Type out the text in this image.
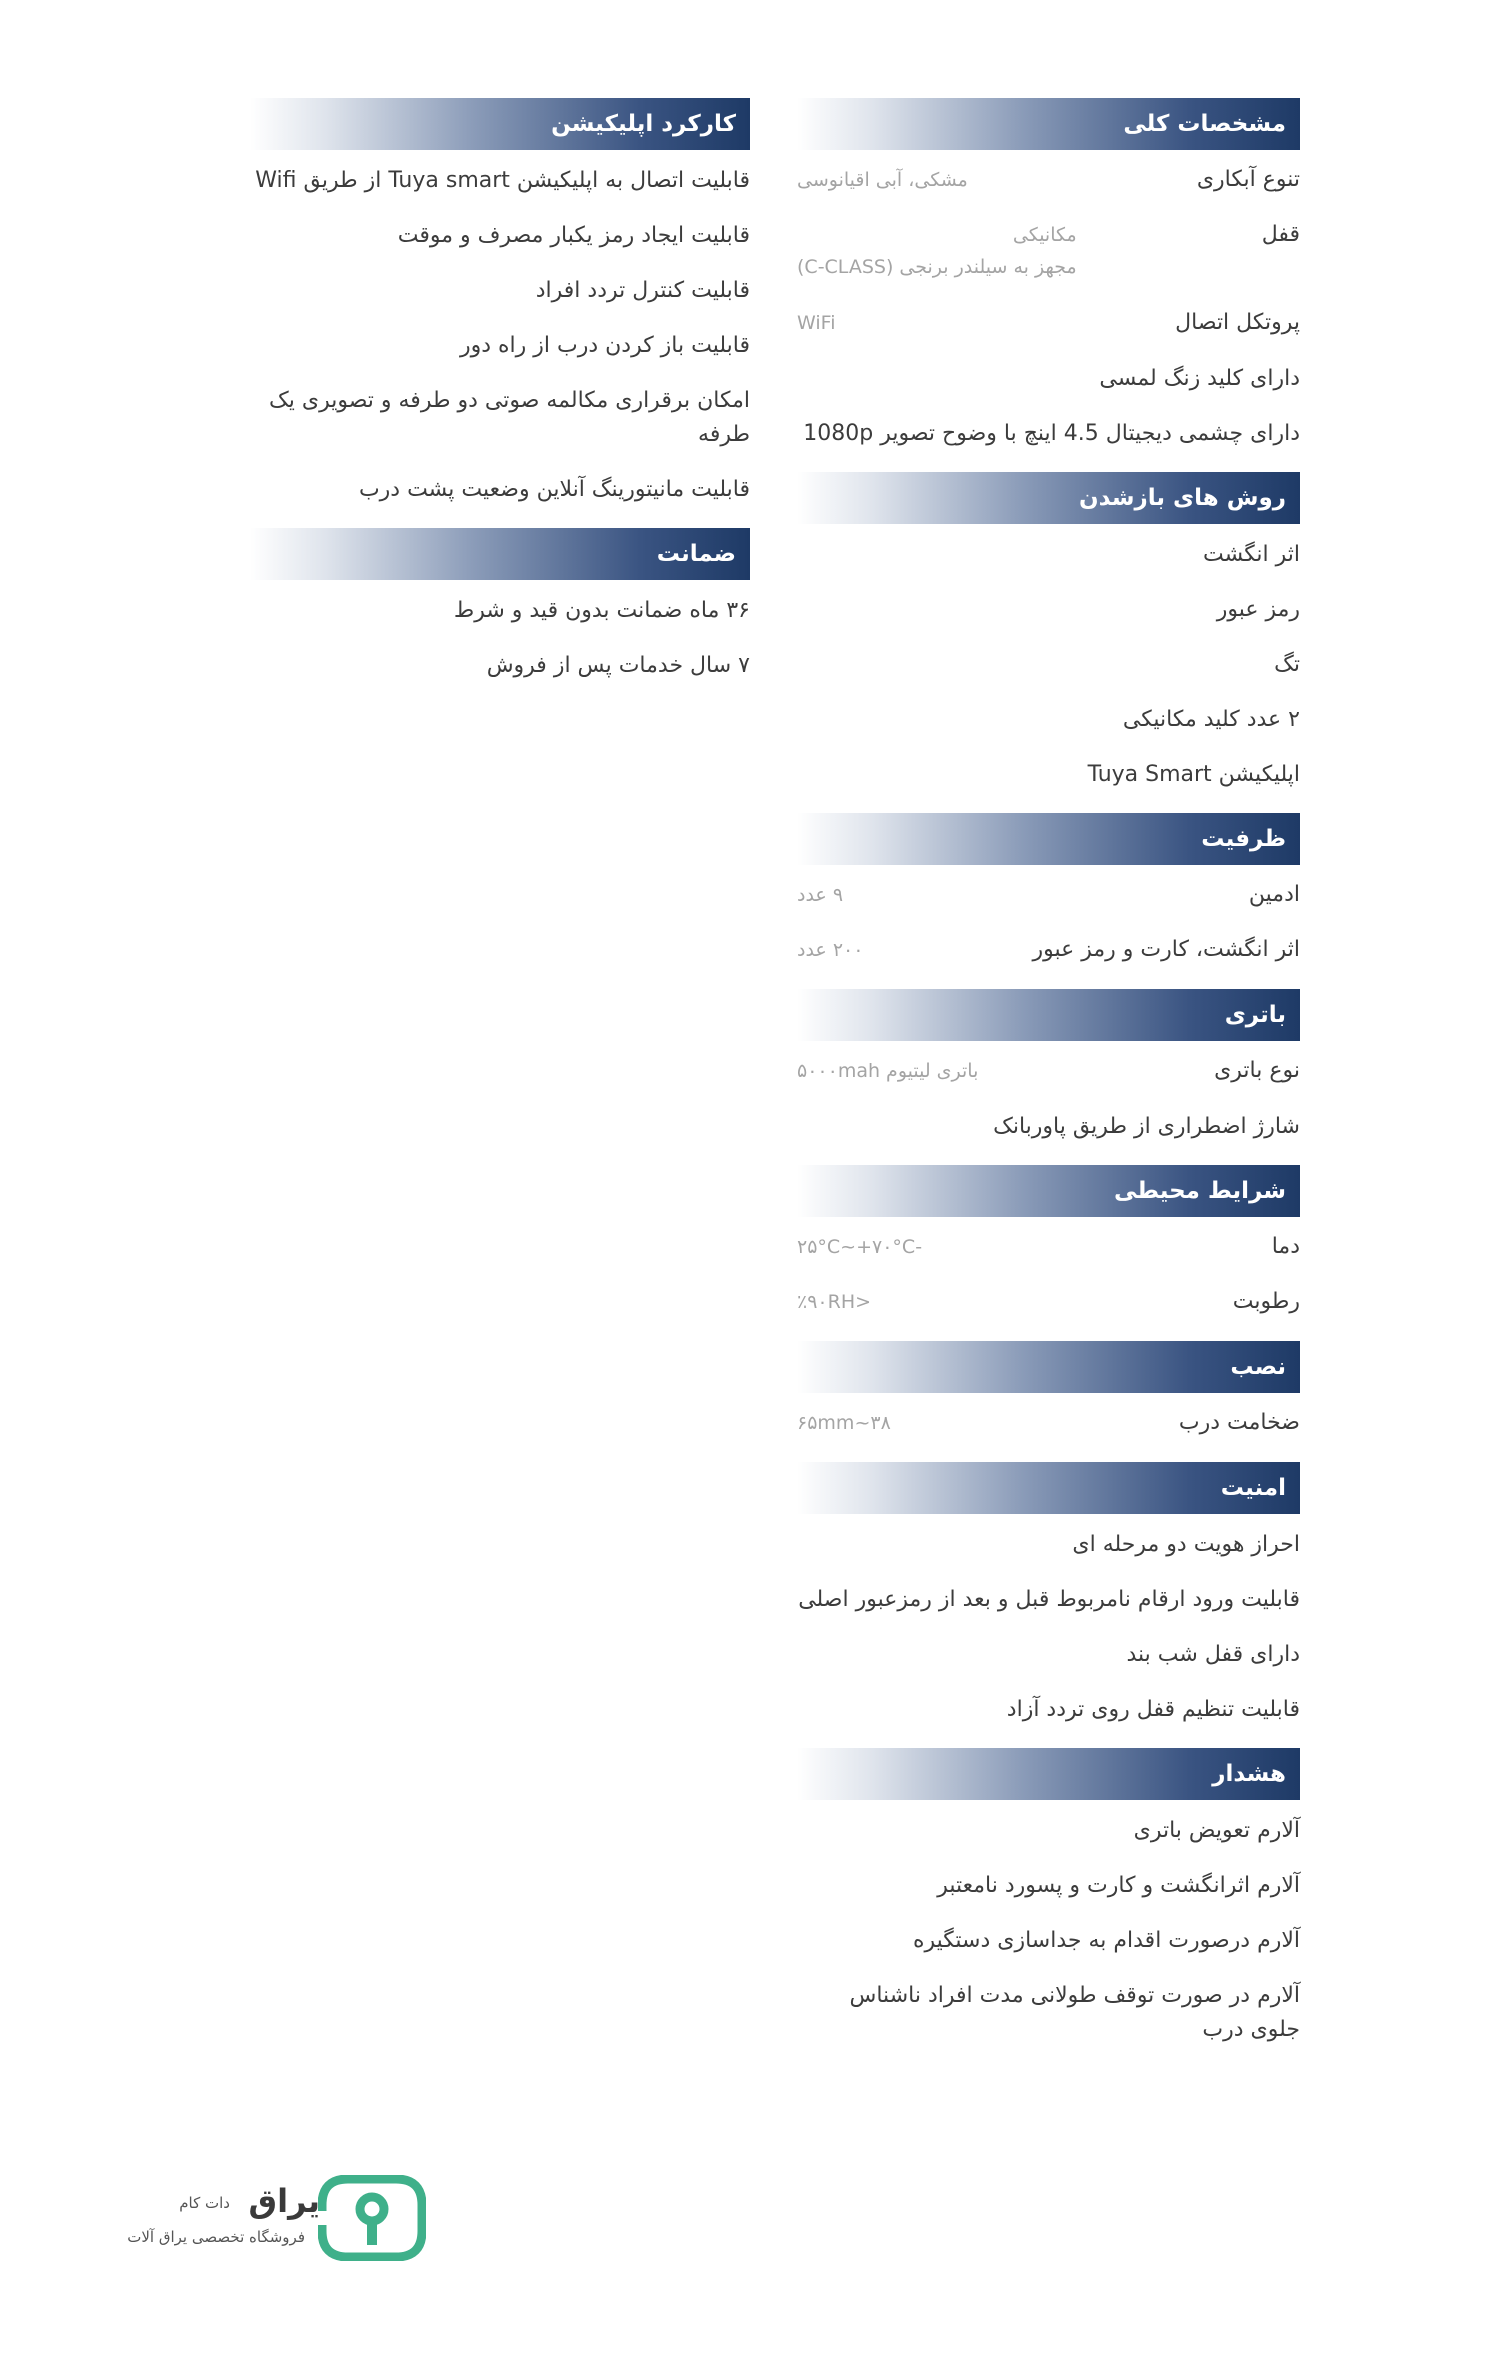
مشخصات کلی
تنوع آبکاری
مشکی، آبی اقیانوسی
قفل
مکانیکی
مجهز به سیلندر برنجی (C-CLASS)
پروتکل اتصال
WiFi
دارای کلید زنگ لمسی
دارای چشمی دیجیتال 4.5 اینچ با وضوح تصویر 1080p
روش های بازشدن
اثر انگشت
رمز عبور
تگ
۲ عدد کلید مکانیکی
اپلیکیشن Tuya Smart
ظرفیت
ادمین
۹ عدد
اثر انگشت، کارت و رمز عبور
۲۰۰ عدد
باتری
نوع باتری
باتری لیتیوم ۵۰۰۰mah
شارژ اضطراری از طریق پاوربانک
شرایط محیطی
دما
-۲۵°C~+۷۰°C
رطوبت
<٪۹۰RH
نصب
ضخامت درب
۳۸~۶۵mm
امنیت
احراز هویت دو مرحله ای
قابلیت ورود ارقام نامربوط قبل و بعد از رمزعبور اصلی
دارای قفل شب بند
قابلیت تنظیم قفل روی تردد آزاد
هشدار
آلارم تعویض باتری
آلارم اثرانگشت و کارت و پسورد نامعتبر
آلارم درصورت اقدام به جداسازی دستگیره
آلارم در صورت توقف طولانی مدت افراد ناشناس جلوی درب
کارکرد اپلیکیشن
قابلیت اتصال به اپلیکیشن Tuya smart از طریق Wifi
قابلیت ایجاد رمز یکبار مصرف و موقت
قابلیت کنترل تردد افراد
قابلیت باز کردن درب از راه دور
امکان برقراری مکالمه صوتی دو طرفه و تصویری یک طرفه
قابلیت مانیتورینگ آنلاین وضعیت پشت درب
ضمانت
۳۶ ماه ضمانت بدون قید و شرط
۷ سال خدمات پس از فروش
یراق
دات کام
فروشگاه تخصصی یراق آلات
